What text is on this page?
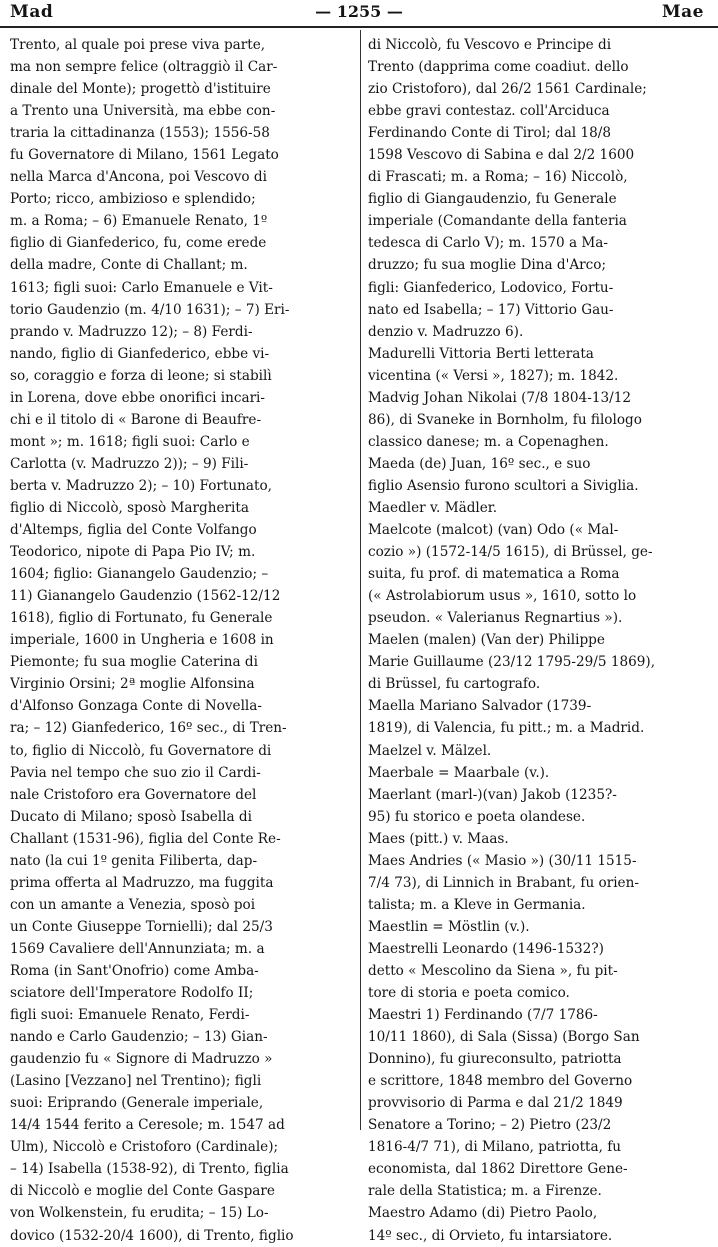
Mad	— 1255 —	Mae
Trento, al quale poi prese viva parte,
ma non sempre felice (oltraggiò il Car-
dinale del Monte); progettò d'istituire
a Trento una Università, ma ebbe con-
traria la cittadinanza (1553); 1556-58
fu Governatore di Milano, 1561 Legato
nella Marca d'Ancona, poi Vescovo di
Porto; ricco, ambizioso e splendido;
m. a Roma; – 6) Emanuele Renato, 1º
figlio di Gianfederico, fu, come erede
della madre, Conte di Challant; m.
1613; figli suoi: Carlo Emanuele e Vit-
torio Gaudenzio (m. 4/10 1631); – 7) Eri-
prando v. Madruzzo 12); – 8) Ferdi-
nando, figlio di Gianfederico, ebbe vi-
so, coraggio e forza di leone; si stabilì
in Lorena, dove ebbe onorifici incari-
chi e il titolo di « Barone di Beaufre-
mont »; m. 1618; figli suoi: Carlo e
Carlotta (v. Madruzzo 2)); – 9) Fili-
berta v. Madruzzo 2); – 10) Fortunato,
figlio di Niccolò, sposò Margherita
d'Altemps, figlia del Conte Volfango
Teodorico, nipote di Papa Pio IV; m.
1604; figlio: Gianangelo Gaudenzio; –
11) Gianangelo Gaudenzio (1562-12/12
1618), figlio di Fortunato, fu Generale
imperiale, 1600 in Ungheria e 1608 in
Piemonte; fu sua moglie Caterina di
Virginio Orsini; 2ª moglie Alfonsina
d'Alfonso Gonzaga Conte di Novella-
ra; – 12) Gianfederico, 16º sec., di Tren-
to, figlio di Niccolò, fu Governatore di
Pavia nel tempo che suo zio il Cardi-
nale Cristoforo era Governatore del
Ducato di Milano; sposò Isabella di
Challant (1531-96), figlia del Conte Re-
nato (la cui 1º genita Filiberta, dap-
prima offerta al Madruzzo, ma fuggita
con un amante a Venezia, sposò poi
un Conte Giuseppe Tornielli); dal 25/3
1569 Cavaliere dell'Annunziata; m. a
Roma (in Sant'Onofrio) come Amba-
sciatore dell'Imperatore Rodolfo II;
figli suoi: Emanuele Renato, Ferdi-
nando e Carlo Gaudenzio; – 13) Gian-
gaudenzio fu « Signore di Madruzzo »
(Lasino [Vezzano] nel Trentino); figli
suoi: Eriprando (Generale imperiale,
14/4 1544 ferito a Ceresole; m. 1547 ad
Ulm), Niccolò e Cristoforo (Cardinale);
– 14) Isabella (1538-92), di Trento, figlia
di Niccolò e moglie del Conte Gaspare
von Wolkenstein, fu erudita; – 15) Lo-
dovico (1532-20/4 1600), di Trento, figlio
di Niccolò, fu Vescovo e Principe di
Trento (dapprima come coadiut. dello
zio Cristoforo), dal 26/2 1561 Cardinale;
ebbe gravi contestaz. coll'Arciduca
Ferdinando Conte di Tirol; dal 18/8
1598 Vescovo di Sabina e dal 2/2 1600
di Frascati; m. a Roma; – 16) Niccolò,
figlio di Giangaudenzio, fu Generale
imperiale (Comandante della fanteria
tedesca di Carlo V); m. 1570 a Ma-
druzzo; fu sua moglie Dina d'Arco;
figli: Gianfederico, Lodovico, Fortu-
nato ed Isabella; – 17) Vittorio Gau-
denzio v. Madruzzo 6).
Madurelli Vittoria Berti letterata
vicentina (« Versi », 1827); m. 1842.
Madvig Johan Nikolai (7/8 1804-13/12
86), di Svaneke in Bornholm, fu filologo
classico danese; m. a Copenaghen.
Maeda (de) Juan, 16º sec., e suo
figlio Asensio furono scultori a Siviglia.
Maedler v. Mädler.
Maelcote (malcot) (van) Odo (« Mal-
cozio ») (1572-14/5 1615), di Brüssel, ge-
suita, fu prof. di matematica a Roma
(« Astrolabiorum usus », 1610, sotto lo
pseudon. « Valerianus Regnartius »).
Maelen (malen) (Van der) Philippe
Marie Guillaume (23/12 1795-29/5 1869),
di Brüssel, fu cartografo.
Maella Mariano Salvador (1739-
1819), di Valencia, fu pitt.; m. a Madrid.
Maelzel v. Mälzel.
Maerbale = Maarbale (v.).
Maerlant (marl-)(van) Jakob (1235?-
95) fu storico e poeta olandese.
Maes (pitt.) v. Maas.
Maes Andries (« Masio ») (30/11 1515-
7/4 73), di Linnich in Brabant, fu orien-
talista; m. a Kleve in Germania.
Maestlin = Möstlin (v.).
Maestrelli Leonardo (1496-1532?)
detto « Mescolino da Siena », fu pit-
tore di storia e poeta comico.
Maestri 1) Ferdinando (7/7 1786-
10/11 1860), di Sala (Sissa) (Borgo San
Donnino), fu giureconsulto, patriotta
e scrittore, 1848 membro del Governo
provvisorio di Parma e dal 21/2 1849
Senatore a Torino; – 2) Pietro (23/2
1816-4/7 71), di Milano, patriotta, fu
economista, dal 1862 Direttore Gene-
rale della Statistica; m. a Firenze.
Maestro Adamo (di) Pietro Paolo,
14º sec., di Orvieto, fu intarsiatore.
